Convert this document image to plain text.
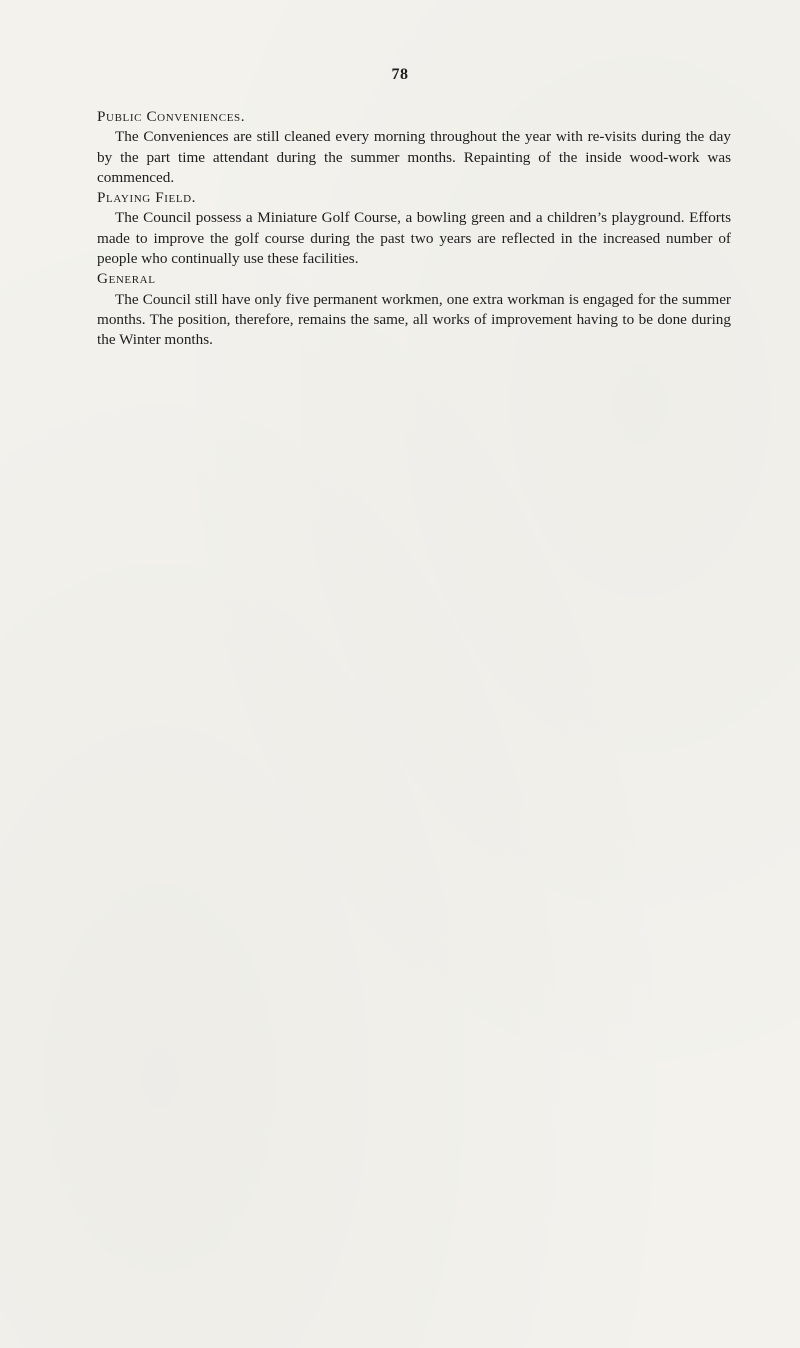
78
Public Conveniences.

The Conveniences are still cleaned every morning throughout the year with re-visits during the day by the part time attendant during the summer months. Repainting of the inside wood-work was commenced.

Playing Field.

The Council possess a Miniature Golf Course, a bowling green and a children’s playground. Efforts made to improve the golf course during the past two years are reflected in the increased number of people who continually use these facilities.

General

The Council still have only five permanent workmen, one extra workman is engaged for the summer months. The position, therefore, remains the same, all works of improvement having to be done during the Winter months.
